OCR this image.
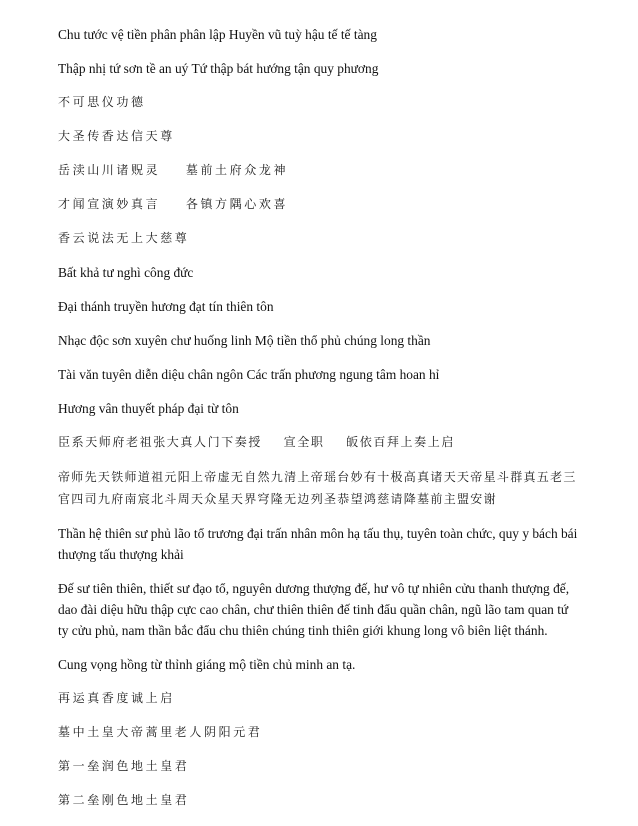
Chu tước vệ tiền phân phân lập Huyền vũ tuỳ hậu tế tế tàng

Thập nhị tứ sơn tề an uý Tứ thập bát hướng tận quy phương

不可思仪功德

大圣传香达信天尊

岳渎山川诸贶灵    墓前土府众龙神

才闻宣演妙真言    各镇方隅心欢喜

香云说法无上大慈尊

Bất khả tư nghì công đức

Đại thánh truyền hương đạt tín thiên tôn

Nhạc độc sơn xuyên chư huống linh Mộ tiền thổ phủ chúng long thần

Tài văn tuyên diễn diệu chân ngôn Các trấn phương ngung tâm hoan hỉ

Hương vân thuyết pháp đại từ tôn

臣系天师府老祖张大真人门下奏授    宣全职    皈依百拜上奏上启

帝师先天铁师道祖元阳上帝虚无自然九清上帝瑶台妙有十极高真诸天天帝星斗群真五老三官四司九府南宸北斗周天众星天界穹隆无边列圣恭望鸿慈请降墓前主盟安谢

Thần hệ thiên sư phủ lão tổ trương đại trấn nhân môn hạ tấu thụ, tuyên toàn chức, quy y bách bái thượng tấu thượng khải

Đế sư tiên thiên, thiết sư đạo tổ, nguyên dương thượng đế, hư vô tự nhiên cửu thanh thượng đế, dao đài diệu hữu thập cực cao chân, chư thiên thiên đế tinh đẩu quần chân, ngũ lão tam quan tứ ty cửu phủ, nam thần bắc đẩu chu thiên chúng tinh thiên giới khung long vô biên liệt thánh.

Cung vọng hồng từ thỉnh giáng mộ tiền chủ minh an tạ.

再运真香度诚上启

墓中土皇大帝蒿里老人阴阳元君

第一垒润色地土皇君

第二垒刚色地土皇君
